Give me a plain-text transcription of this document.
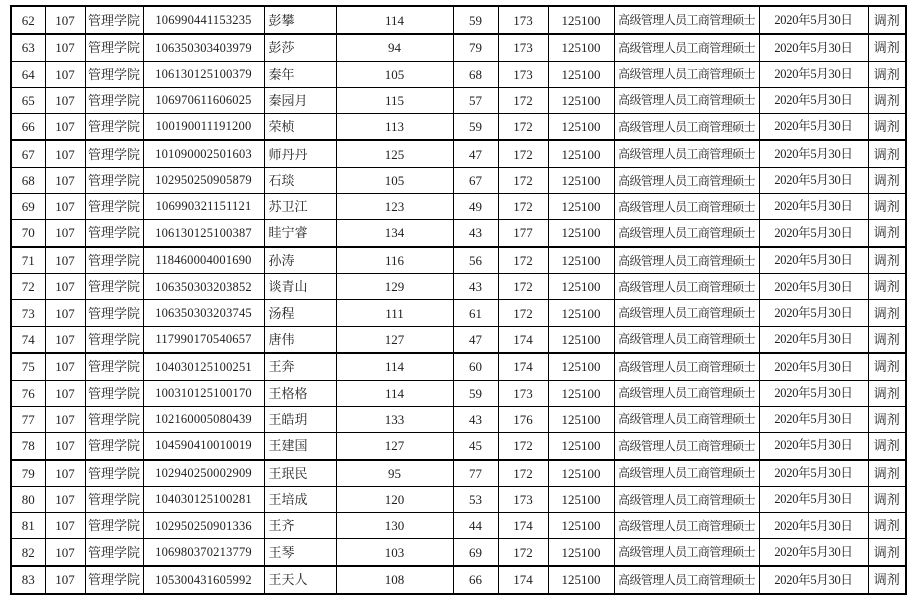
62	107	管理学院	106990441153235	彭攀	114	59	173	125100	高级管理人员工商管理硕士	2020年5月30日	调剂
63	107	管理学院	106350303403979	彭莎	94	79	173	125100	高级管理人员工商管理硕士	2020年5月30日	调剂
64	107	管理学院	106130125100379	秦年	105	68	173	125100	高级管理人员工商管理硕士	2020年5月30日	调剂
65	107	管理学院	106970611606025	秦园月	115	57	172	125100	高级管理人员工商管理硕士	2020年5月30日	调剂
66	107	管理学院	100190011191200	荣桢	113	59	172	125100	高级管理人员工商管理硕士	2020年5月30日	调剂
67	107	管理学院	101090002501603	师丹丹	125	47	172	125100	高级管理人员工商管理硕士	2020年5月30日	调剂
68	107	管理学院	102950250905879	石琰	105	67	172	125100	高级管理人员工商管理硕士	2020年5月30日	调剂
69	107	管理学院	106990321151121	苏卫江	123	49	172	125100	高级管理人员工商管理硕士	2020年5月30日	调剂
70	107	管理学院	106130125100387	眭宁睿	134	43	177	125100	高级管理人员工商管理硕士	2020年5月30日	调剂
71	107	管理学院	118460004001690	孙涛	116	56	172	125100	高级管理人员工商管理硕士	2020年5月30日	调剂
72	107	管理学院	106350303203852	谈青山	129	43	172	125100	高级管理人员工商管理硕士	2020年5月30日	调剂
73	107	管理学院	106350303203745	汤程	111	61	172	125100	高级管理人员工商管理硕士	2020年5月30日	调剂
74	107	管理学院	117990170540657	唐伟	127	47	174	125100	高级管理人员工商管理硕士	2020年5月30日	调剂
75	107	管理学院	104030125100251	王奔	114	60	174	125100	高级管理人员工商管理硕士	2020年5月30日	调剂
76	107	管理学院	100310125100170	王格格	114	59	173	125100	高级管理人员工商管理硕士	2020年5月30日	调剂
77	107	管理学院	102160005080439	王皓玥	133	43	176	125100	高级管理人员工商管理硕士	2020年5月30日	调剂
78	107	管理学院	104590410010019	王建国	127	45	172	125100	高级管理人员工商管理硕士	2020年5月30日	调剂
79	107	管理学院	102940250002909	王珉民	95	77	172	125100	高级管理人员工商管理硕士	2020年5月30日	调剂
80	107	管理学院	104030125100281	王培成	120	53	173	125100	高级管理人员工商管理硕士	2020年5月30日	调剂
81	107	管理学院	102950250901336	王齐	130	44	174	125100	高级管理人员工商管理硕士	2020年5月30日	调剂
82	107	管理学院	106980370213779	王琴	103	69	172	125100	高级管理人员工商管理硕士	2020年5月30日	调剂
83	107	管理学院	105300431605992	王天人	108	66	174	125100	高级管理人员工商管理硕士	2020年5月30日	调剂
